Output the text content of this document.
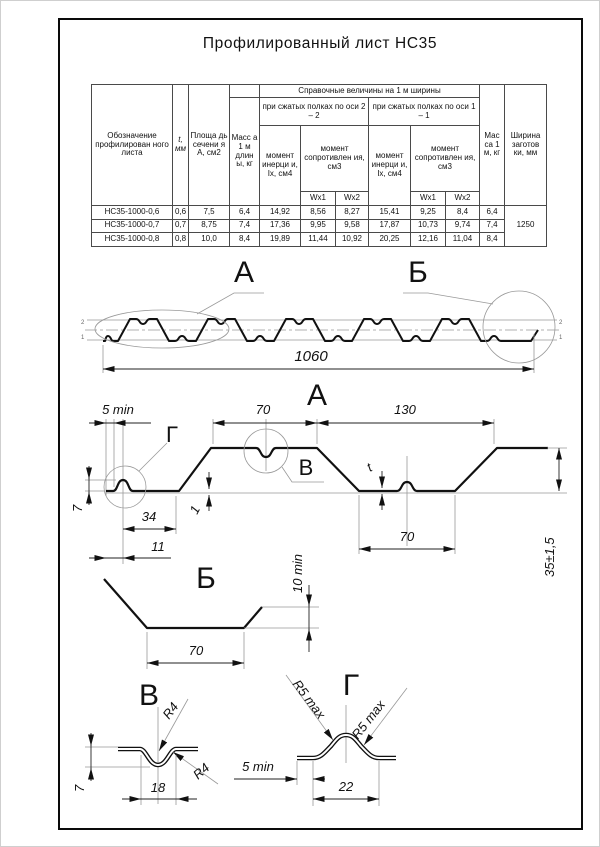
Профилированный лист НС35
Обозначение профилирован ного листа	t, мм	Площа дь сечени я А, см2		Справочные величины на 1 м ширины						Мас са 1 м, кг	Ширина заготов ки, мм
			Масс а 1 м длин ы, кг	при сжатых полках по оси 2 – 2			при сжатых полках по оси 1 – 1				
				момент инерци и, Ix, см4	момент сопротивлен ия, см3		момент инерци и, Ix, см4	момент сопротивлен ия, см3			
					Wx1	Wx2		Wx1	Wx2		
НС35-1000-0,6	0,6	7,5	6,4	14,92	8,56	8,27	15,41	9,25	8,4	6,4	1250
НС35-1000-0,7	0,7	8,75	7,4	17,36	9,95	9,58	17,87	10,73	9,74	7,4	
НС35-1000-0,8	0,8	10,0	8,4	19,89	11,44	10,92	20,25	12,16	11,04	8,4	
А	Б
2
1
2
1
1060
А
5 min	70	130
Г
В
7
34
11
1
t
70
35±1,5
Б	10 min
70
В R4
R4
7	18
Г
R5 max R5 max
5 min
22
